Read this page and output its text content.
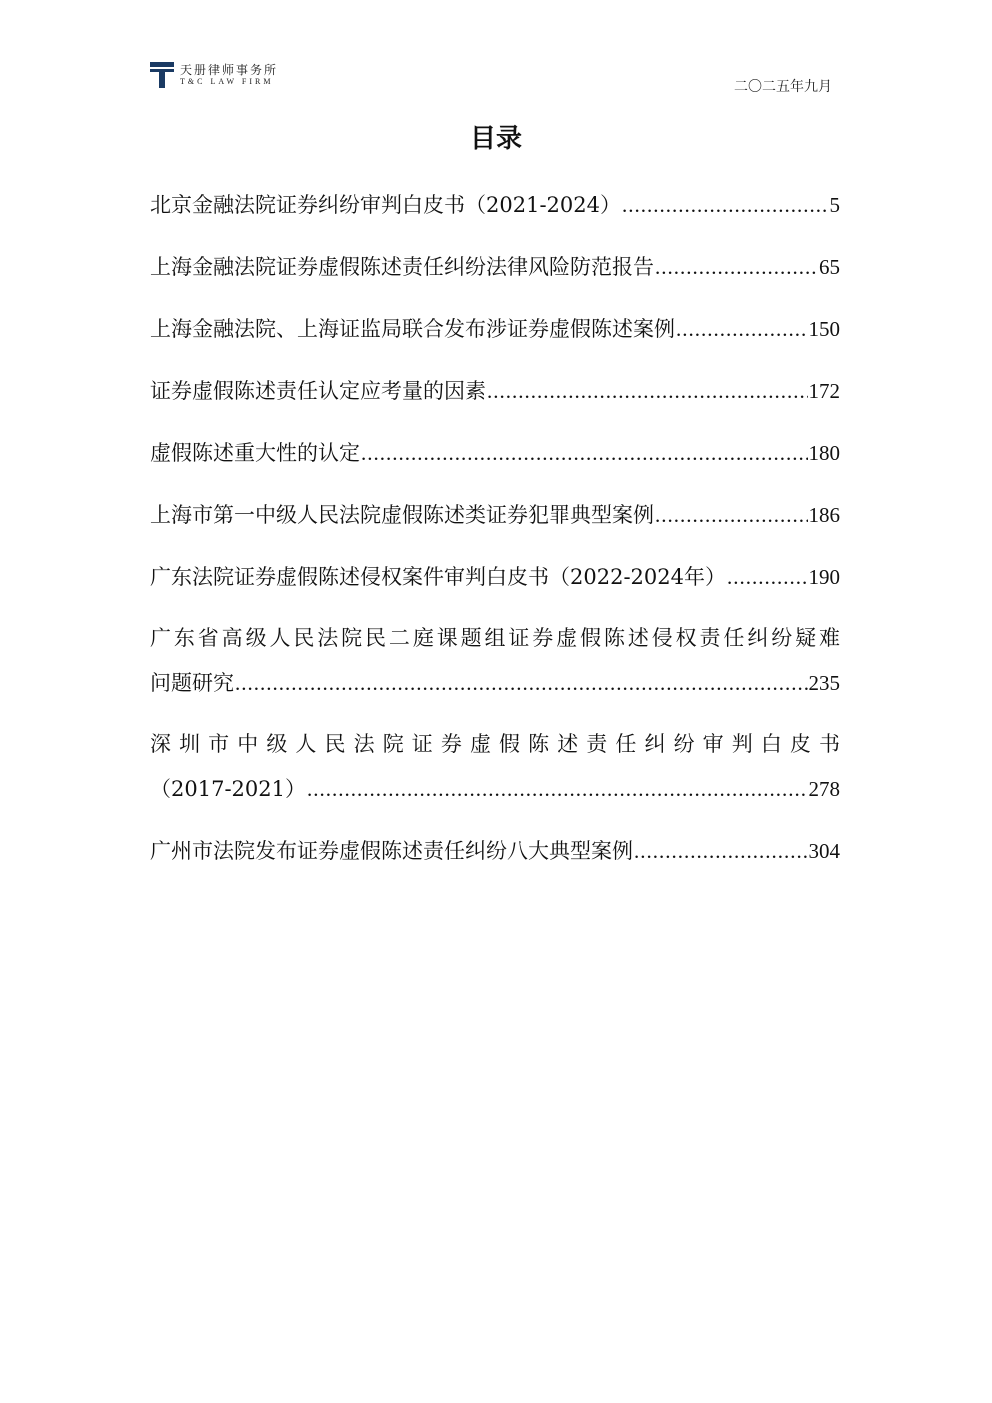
天册律师事务所
T&C LAW FIRM	二〇二五年九月
目录
北京金融法院证券纠纷审判白皮书（2021-2024） .....	5
上海金融法院证券虚假陈述责任纠纷法律风险防范报告 .....	65
上海金融法院、上海证监局联合发布涉证券虚假陈述案例 .....	150
证券虚假陈述责任认定应考量的因素 .....	172
虚假陈述重大性的认定 .....	180
上海市第一中级人民法院虚假陈述类证券犯罪典型案例 .....	186
广东法院证券虚假陈述侵权案件审判白皮书（2022-2024年） .....	190
广东省高级人民法院民二庭课题组证券虚假陈述侵权责任纠纷疑难
问题研究 .....	235
深圳市中级人民法院证券虚假陈述责任纠纷审判白皮书
（2017-2021） .....	278
广州市法院发布证券虚假陈述责任纠纷八大典型案例 .....	304
